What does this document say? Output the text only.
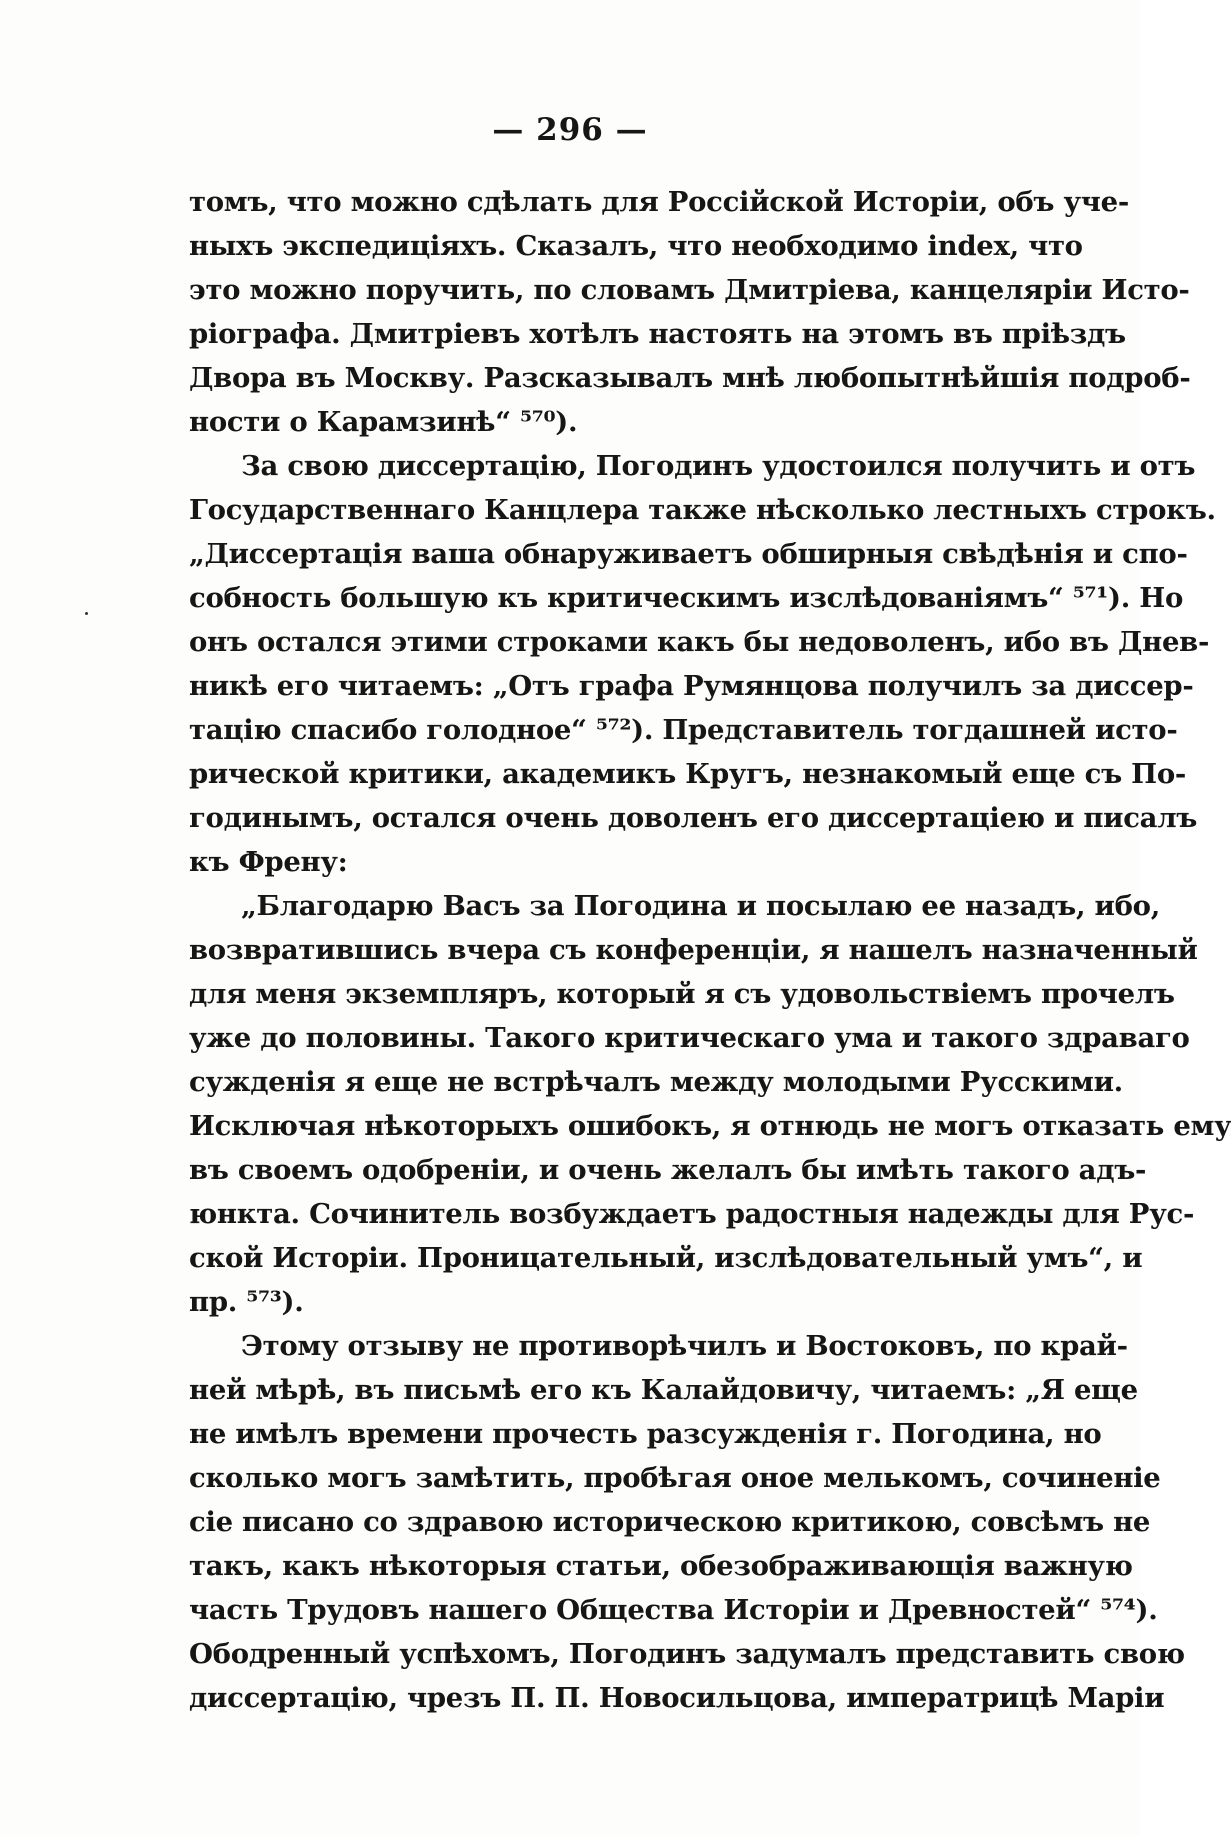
— 296 —
томъ, что можно сдѣлать для Россійской Исторіи, объ уче-
ныхъ экспедиціяхъ. Сказалъ, что необходимо index, что
это можно поручить, по словамъ Дмитріева, канцеляріи Исто-
ріографа. Дмитріевъ хотѣлъ настоять на этомъ въ пріѣздъ
Двора въ Москву. Разсказывалъ мнѣ любопытнѣйшія подроб-
ности о Карамзинѣ“ ⁵⁷⁰).
За свою диссертацію, Погодинъ удостоился получить и отъ
Государственнаго Канцлера также нѣсколько лестныхъ строкъ.
„Диссертація ваша обнаруживаетъ обширныя свѣдѣнія и спо-
собность большую къ критическимъ изслѣдованіямъ“ ⁵⁷¹). Но
онъ остался этими строками какъ бы недоволенъ, ибо въ Днев-
никѣ его читаемъ: „Отъ графа Румянцова получилъ за диссер-
тацію спасибо голодное“ ⁵⁷²). Представитель тогдашней исто-
рической критики, академикъ Кругъ, незнакомый еще съ По-
годинымъ, остался очень доволенъ его диссертаціею и писалъ
къ Френу:
„Благодарю Васъ за Погодина и посылаю ее назадъ, ибо,
возвратившись вчера съ конференціи, я нашелъ назначенный
для меня экземпляръ, который я съ удовольствіемъ прочелъ
уже до половины. Такого критическаго ума и такого здраваго
сужденія я еще не встрѣчалъ между молодыми Русскими.
Исключая нѣкоторыхъ ошибокъ, я отнюдь не могъ отказать ему
въ своемъ одобреніи, и очень желалъ бы имѣть такого адъ-
юнкта. Сочинитель возбуждаетъ радостныя надежды для Рус-
ской Исторіи. Проницательный, изслѣдовательный умъ“, и
пр. ⁵⁷³).
Этому отзыву не противорѣчилъ и Востоковъ, по край-
ней мѣрѣ, въ письмѣ его къ Калайдовичу, читаемъ: „Я еще
не имѣлъ времени прочесть разсужденія г. Погодина, но
сколько могъ замѣтить, пробѣгая оное мелькомъ, сочиненіе
сіе писано со здравою историческою критикою, совсѣмъ не
такъ, какъ нѣкоторыя статьи, обезображивающія важную
часть Трудовъ нашего Общества Исторіи и Древностей“ ⁵⁷⁴).
Ободренный успѣхомъ, Погодинъ задумалъ представить свою
диссертацію, чрезъ П. П. Новосильцова, императрицѣ Маріи
